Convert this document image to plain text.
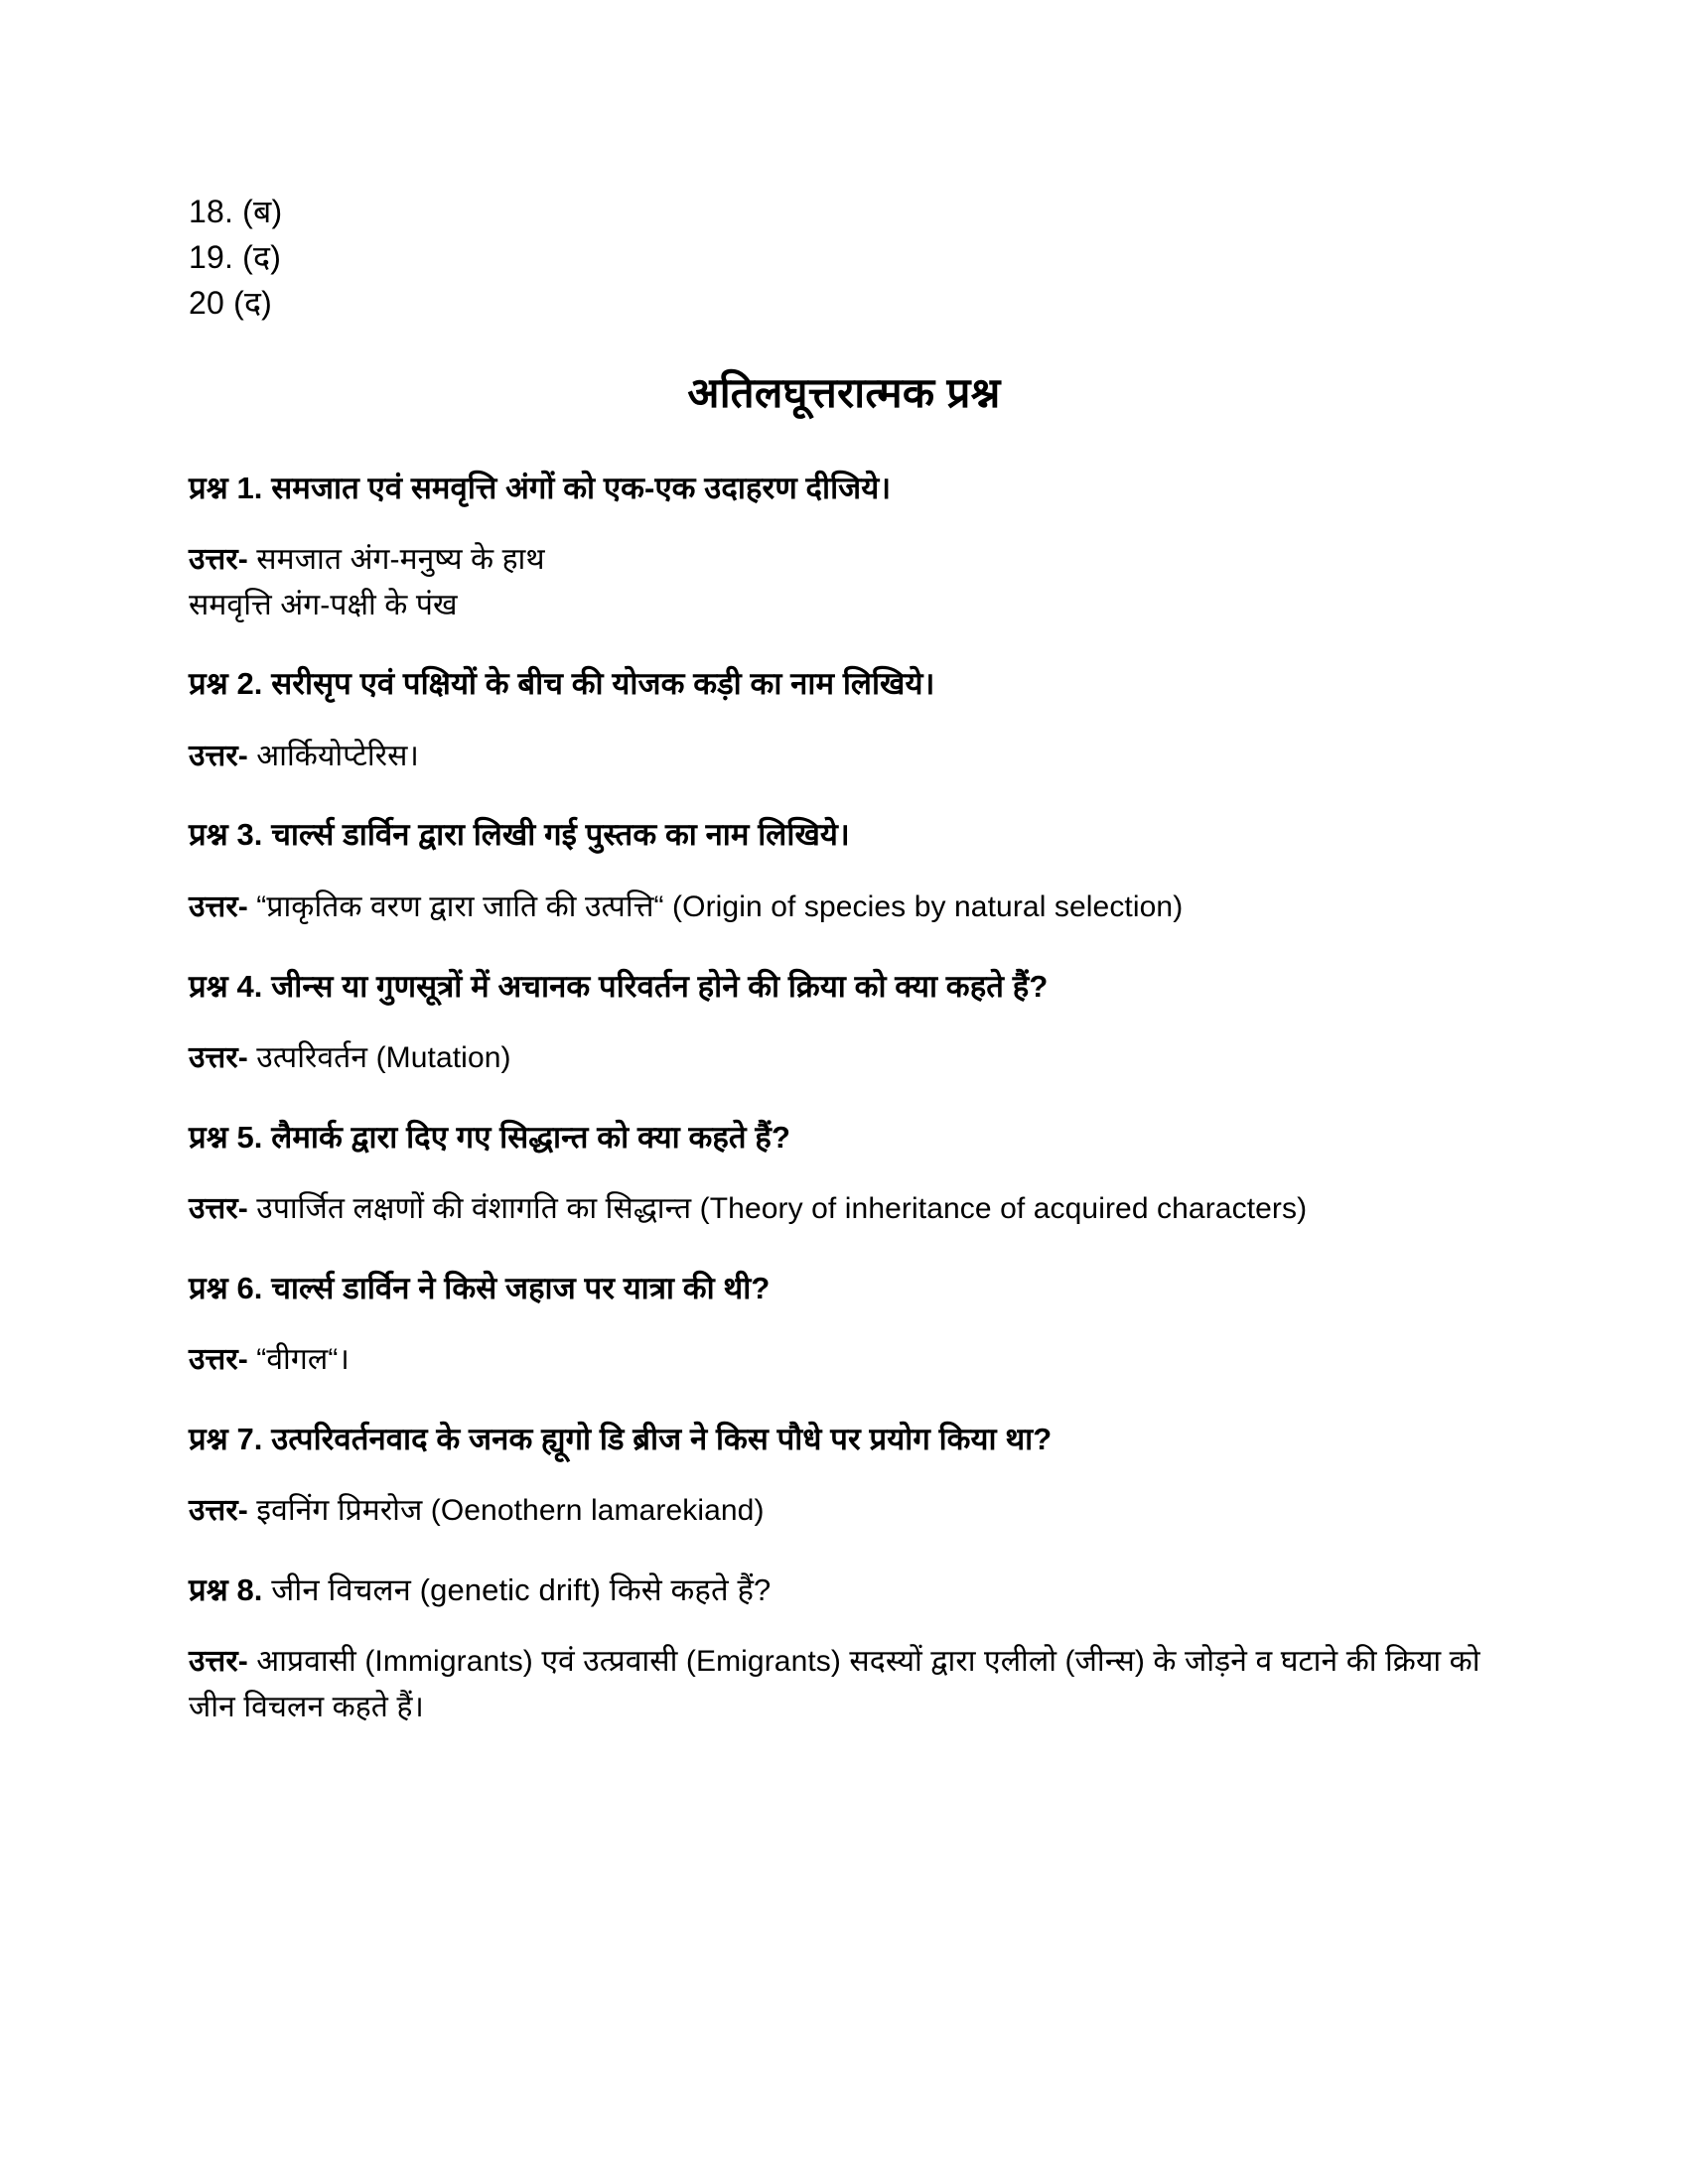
18. (ब)
19. (द)
20 (द)
अतिलघूत्तरात्मक प्रश्न

प्रश्न 1. समजात एवं समवृत्ति अंगों को एक-एक उदाहरण दीजिये।

उत्तर- समजात अंग-मनुष्य के हाथ
समवृत्ति अंग-पक्षी के पंख

प्रश्न 2. सरीसृप एवं पक्षियों के बीच की योजक कड़ी का नाम लिखिये।

उत्तर- आर्कियोप्टेरिस।

प्रश्न 3. चार्ल्स डार्विन द्वारा लिखी गई पुस्तक का नाम लिखिये।

उत्तर- “प्राकृतिक वरण द्वारा जाति की उत्पत्ति“ (Origin of species by natural selection)

प्रश्न 4. जीन्स या गुणसूत्रों में अचानक परिवर्तन होने की क्रिया को क्या कहते हैं?

उत्तर- उत्परिवर्तन (Mutation)

प्रश्न 5. लैमार्क द्वारा दिए गए सिद्धान्त को क्या कहते हैं?

उत्तर- उपार्जित लक्षणों की वंशागति का सिद्धान्त (Theory of inheritance of acquired characters)

प्रश्न 6. चार्ल्स डार्विन ने किसे जहाज पर यात्रा की थी?

उत्तर- “वीगल“।

प्रश्न 7. उत्परिवर्तनवाद के जनक ह्यूगो डि ब्रीज ने किस पौधे पर प्रयोग किया था?

उत्तर- इवनिंग प्रिमरोज (Oenothern lamarekiand)

प्रश्न 8. जीन विचलन (genetic drift) किसे कहते हैं?

उत्तर- आप्रवासी (Immigrants) एवं उत्प्रवासी (Emigrants) सदस्यों द्वारा एलीलो (जीन्स) के जोड़ने व घटाने की क्रिया को जीन विचलन कहते हैं।
